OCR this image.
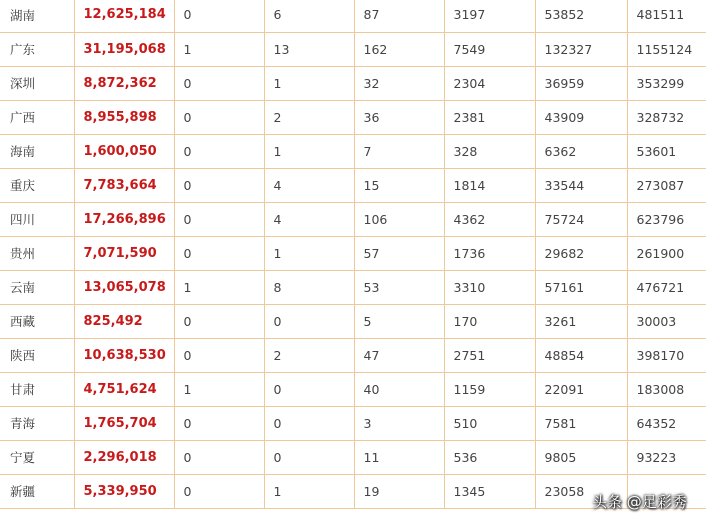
湖南	12,625,184	0	6	87	3197	53852	481511
广东	31,195,068	1	13	162	7549	132327	1155124
深圳	8,872,362	0	1	32	2304	36959	353299
广西	8,955,898	0	2	36	2381	43909	328732
海南	1,600,050	0	1	7	328	6362	53601
重庆	7,783,664	0	4	15	1814	33544	273087
四川	17,266,896	0	4	106	4362	75724	623796
贵州	7,071,590	0	1	57	1736	29682	261900
云南	13,065,078	1	8	53	3310	57161	476721
西藏	825,492	0	0	5	170	3261	30003
陕西	10,638,530	0	2	47	2751	48854	398170
甘肃	4,751,624	1	0	40	1159	22091	183008
青海	1,765,704	0	0	3	510	7581	64352
宁夏	2,296,018	0	0	11	536	9805	93223
新疆	5,339,950	0	1	19	1345	23058	
头条 @足彩秀
